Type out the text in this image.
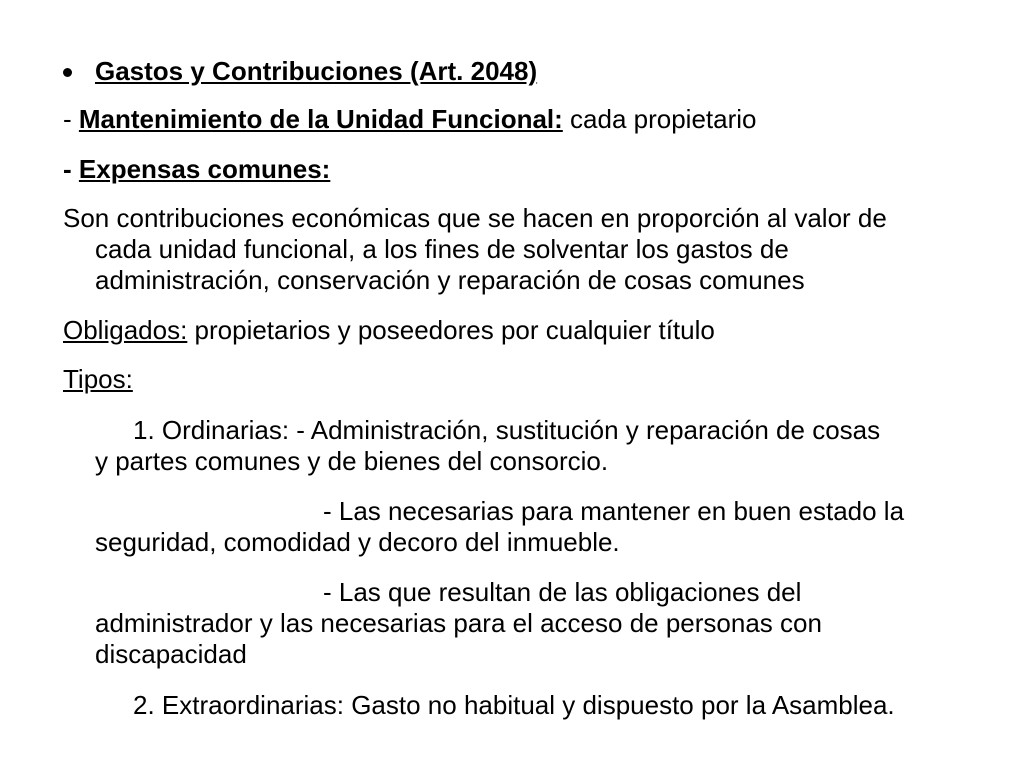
Gastos y Contribuciones (Art. 2048)
- Mantenimiento de la Unidad Funcional: cada propietario
- Expensas comunes:
Son contribuciones económicas que se hacen en proporción al valor de
cada unidad funcional, a los fines de solventar los gastos de
administración, conservación y reparación de cosas comunes
Obligados: propietarios y poseedores por cualquier título
Tipos:
1. Ordinarias: - Administración, sustitución y reparación de cosas
y partes comunes y de bienes del consorcio.
- Las necesarias para mantener en buen estado la
seguridad, comodidad y decoro del inmueble.
- Las que resultan de las obligaciones del
administrador y las necesarias para el acceso de personas con
discapacidad
2. Extraordinarias: Gasto no habitual y dispuesto por la Asamblea.
